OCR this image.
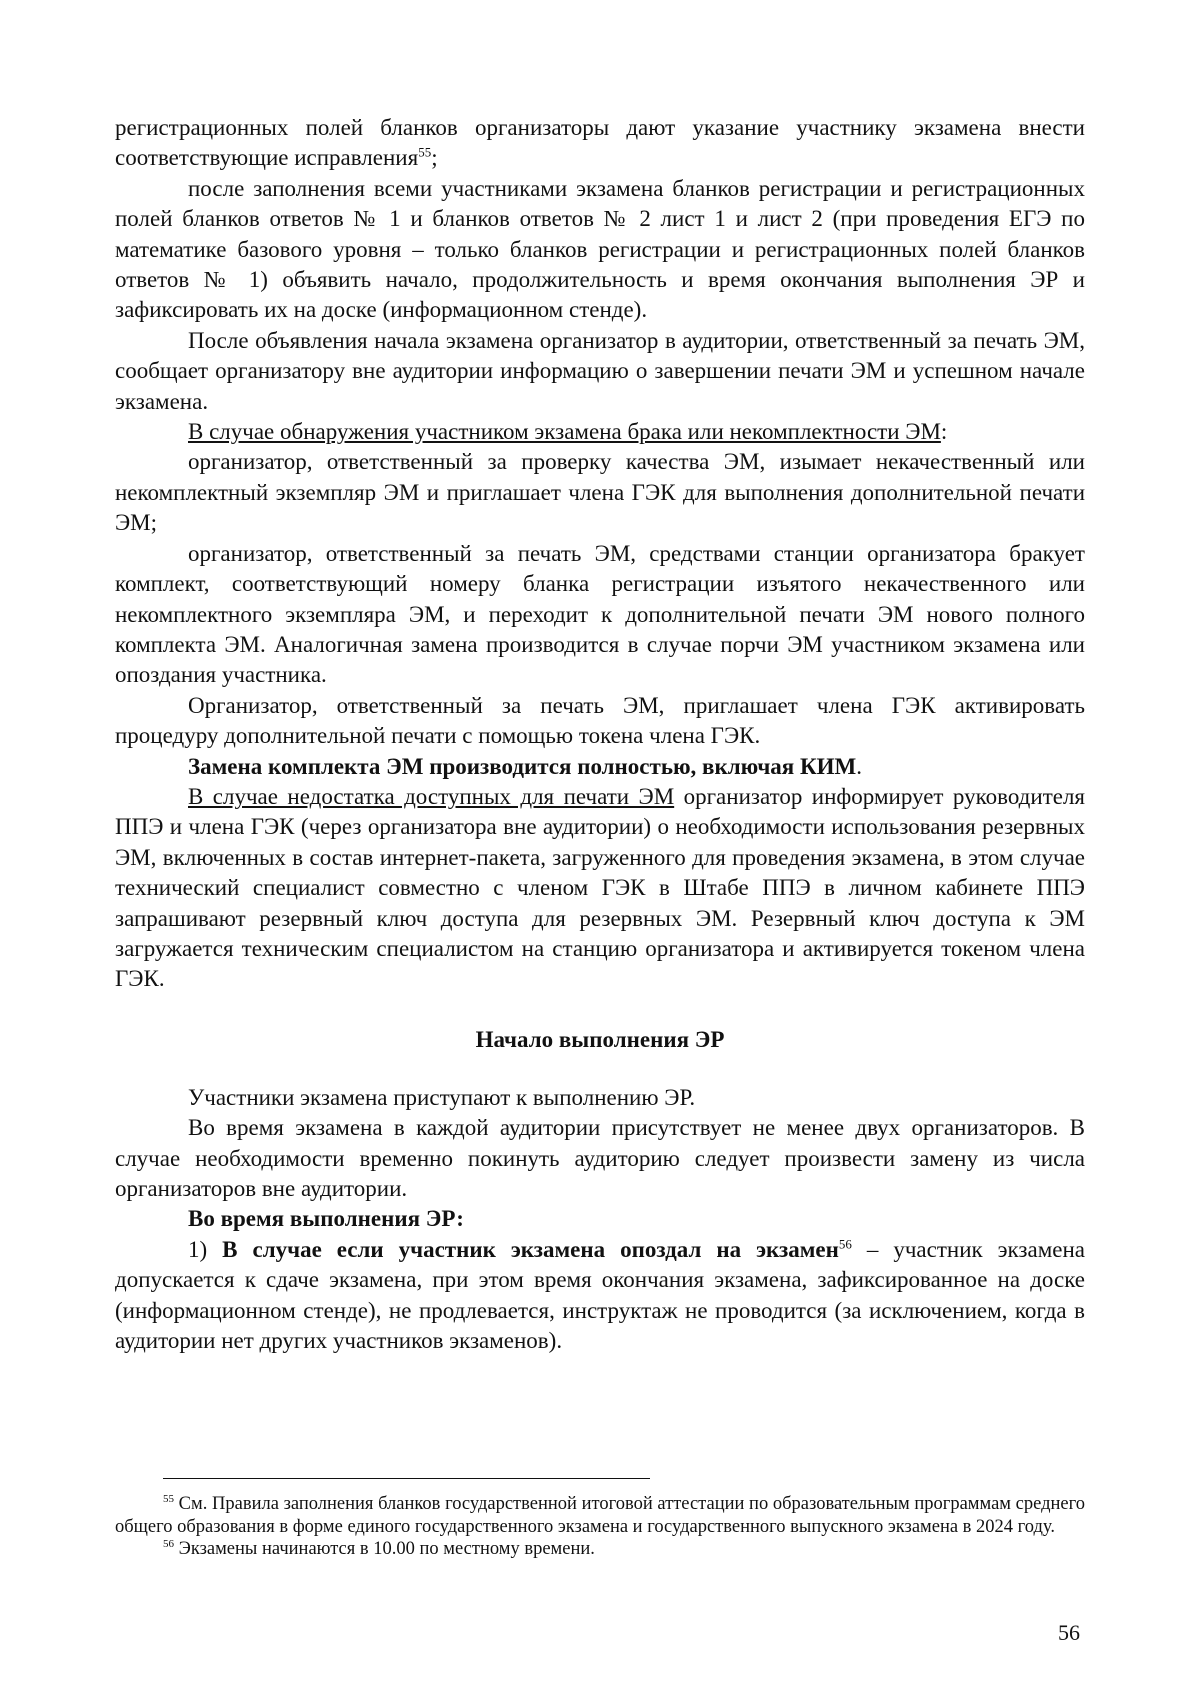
регистрационных полей бланков организаторы дают указание участнику экзамена внести соответствующие исправления$^{55}$;

после заполнения всеми участниками экзамена бланков регистрации и регистрационных полей бланков ответов № 1 и бланков ответов № 2 лист 1 и лист 2 (при проведения ЕГЭ по математике базового уровня – только бланков регистрации и регистрационных полей бланков ответов № 1) объявить начало, продолжительность и время окончания выполнения ЭР и зафиксировать их на доске (информационном стенде).

После объявления начала экзамена организатор в аудитории, ответственный за печать ЭМ, сообщает организатору вне аудитории информацию о завершении печати ЭМ и успешном начале экзамена.

В случае обнаружения участником экзамена брака или некомплектности ЭМ:

организатор, ответственный за проверку качества ЭМ, изымает некачественный или некомплектный экземпляр ЭМ и приглашает члена ГЭК для выполнения дополнительной печати ЭМ;

организатор, ответственный за печать ЭМ, средствами станции организатора бракует комплект, соответствующий номеру бланка регистрации изъятого некачественного или некомплектного экземпляра ЭМ, и переходит к дополнительной печати ЭМ нового полного комплекта ЭМ. Аналогичная замена производится в случае порчи ЭМ участником экзамена или опоздания участника.

Организатор, ответственный за печать ЭМ, приглашает члена ГЭК активировать процедуру дополнительной печати с помощью токена члена ГЭК.

Замена комплекта ЭМ производится полностью, включая КИМ.

В случае недостатка доступных для печати ЭМ организатор информирует руководителя ППЭ и члена ГЭК (через организатора вне аудитории) о необходимости использования резервных ЭМ, включенных в состав интернет-пакета, загруженного для проведения экзамена, в этом случае технический специалист совместно с членом ГЭК в Штабе ППЭ в личном кабинете ППЭ запрашивают резервный ключ доступа для резервных ЭМ. Резервный ключ доступа к ЭМ загружается техническим специалистом на станцию организатора и активируется токеном члена ГЭК.

Начало выполнения ЭР

Участники экзамена приступают к выполнению ЭР.

Во время экзамена в каждой аудитории присутствует не менее двух организаторов. В случае необходимости временно покинуть аудиторию следует произвести замену из числа организаторов вне аудитории.

Во время выполнения ЭР:

1) В случае если участник экзамена опоздал на экзамен$^{56}$ – участник экзамена допускается к сдаче экзамена, при этом время окончания экзамена, зафиксированное на доске (информационном стенде), не продлевается, инструктаж не проводится (за исключением, когда в аудитории нет других участников экзаменов).

$^{55}$ См. Правила заполнения бланков государственной итоговой аттестации по образовательным программам среднего общего образования в форме единого государственного экзамена и государственного выпускного экзамена в 2024 году.

$^{56}$ Экзамены начинаются в 10.00 по местному времени.

56
